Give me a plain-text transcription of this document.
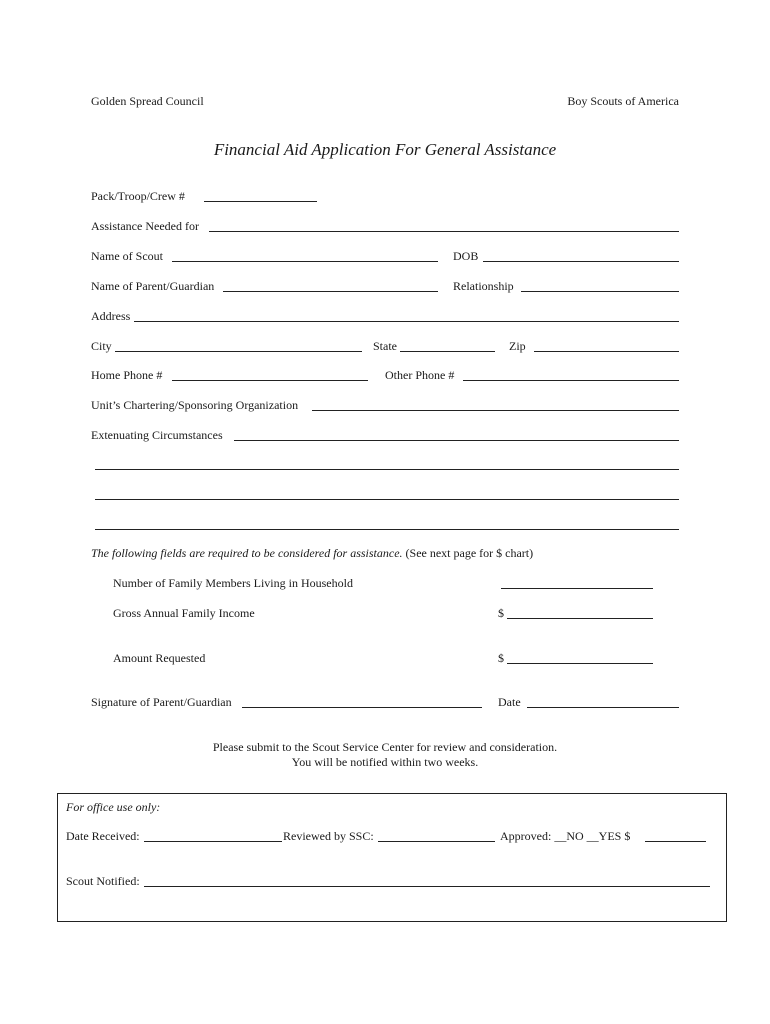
Golden Spread Council	Boy Scouts of America
Financial Aid Application For General Assistance
Pack/Troop/Crew #
Assistance Needed for
Name of Scout	DOB
Name of Parent/Guardian	Relationship
Address
City	State	Zip
Home Phone #	Other Phone #
Unit’s Chartering/Sponsoring Organization
Extenuating Circumstances
The following fields are required to be considered for assistance. (See next page for $ chart)
Number of Family Members Living in Household
Gross Annual Family Income	$
Amount Requested	$
Signature of Parent/Guardian	Date
Please submit to the Scout Service Center for review and consideration.
You will be notified within two weeks.
For office use only:
Date Received:	Reviewed by SSC:	Approved: __NO __YES $
Scout Notified:
